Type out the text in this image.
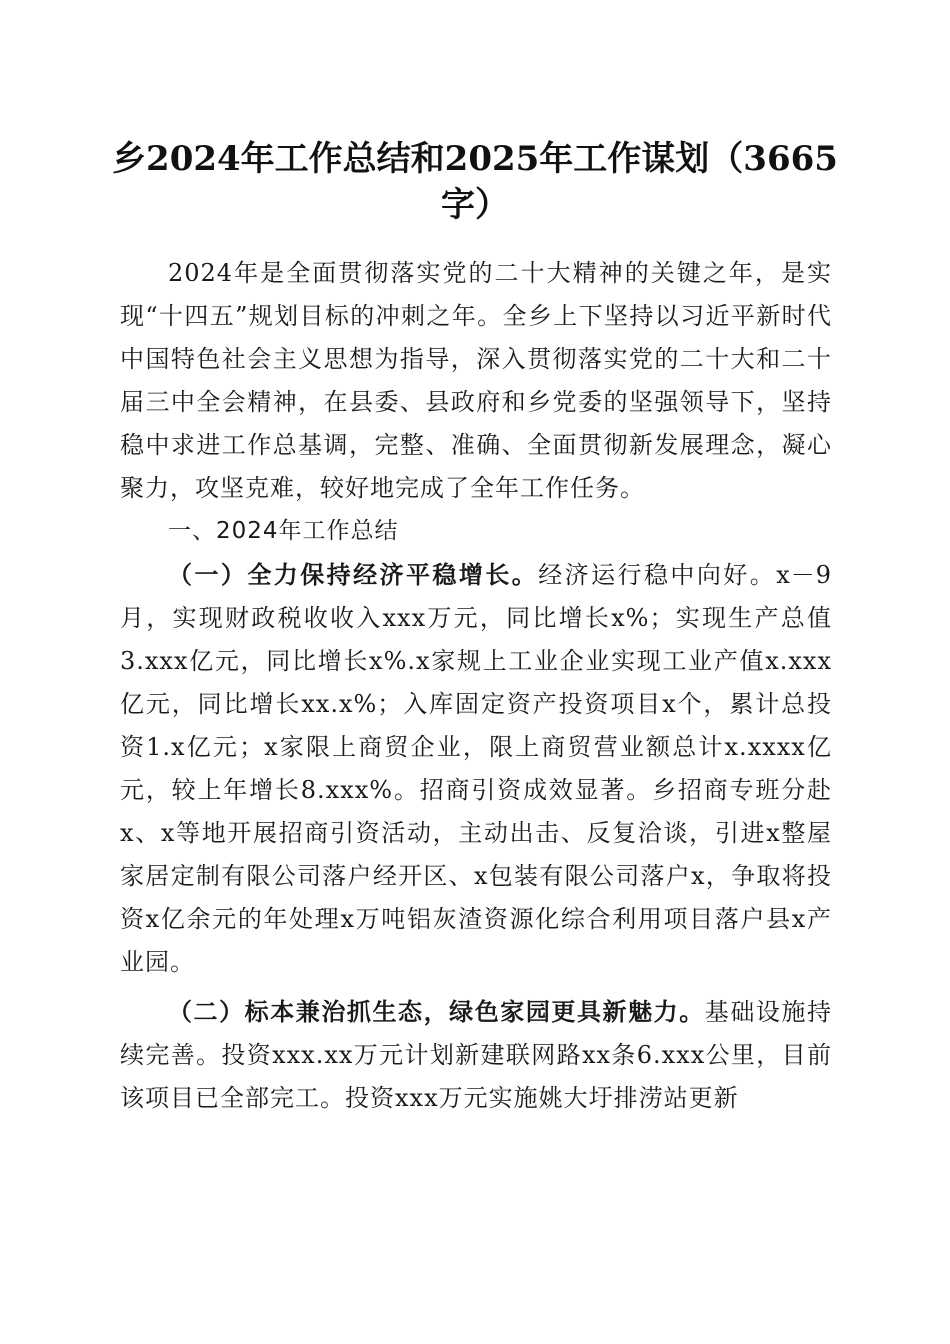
乡2024年工作总结和2025年工作谋划（3665字）

2024年是全面贯彻落实党的二十大精神的关键之年，是实现“十四五”规划目标的冲刺之年。全乡上下坚持以习近平新时代中国特色社会主义思想为指导，深入贯彻落实党的二十大和二十届三中全会精神，在县委、县政府和乡党委的坚强领导下，坚持稳中求进工作总基调，完整、准确、全面贯彻新发展理念，凝心聚力，攻坚克难，较好地完成了全年工作任务。

一、2024年工作总结

（一）全力保持经济平稳增长。经济运行稳中向好。x－9月，实现财政税收收入xxx万元，同比增长x%；实现生产总值3.xxx亿元，同比增长x%.x家规上工业企业实现工业产值x.xxx亿元，同比增长xx.x%；入库固定资产投资项目x个，累计总投资1.x亿元；x家限上商贸企业，限上商贸营业额总计x.xxxx亿元，较上年增长8.xxx%。招商引资成效显著。乡招商专班分赴x、x等地开展招商引资活动，主动出击、反复洽谈，引进x整屋家居定制有限公司落户经开区、x包装有限公司落户x，争取将投资x亿余元的年处理x万吨铝灰渣资源化综合利用项目落户县x产业园。

（二）标本兼治抓生态，绿色家园更具新魅力。基础设施持续完善。投资xxx.xx万元计划新建联网路xx条6.xxx公里，目前该项目已全部完工。投资xxx万元实施姚大圩排涝站更新
